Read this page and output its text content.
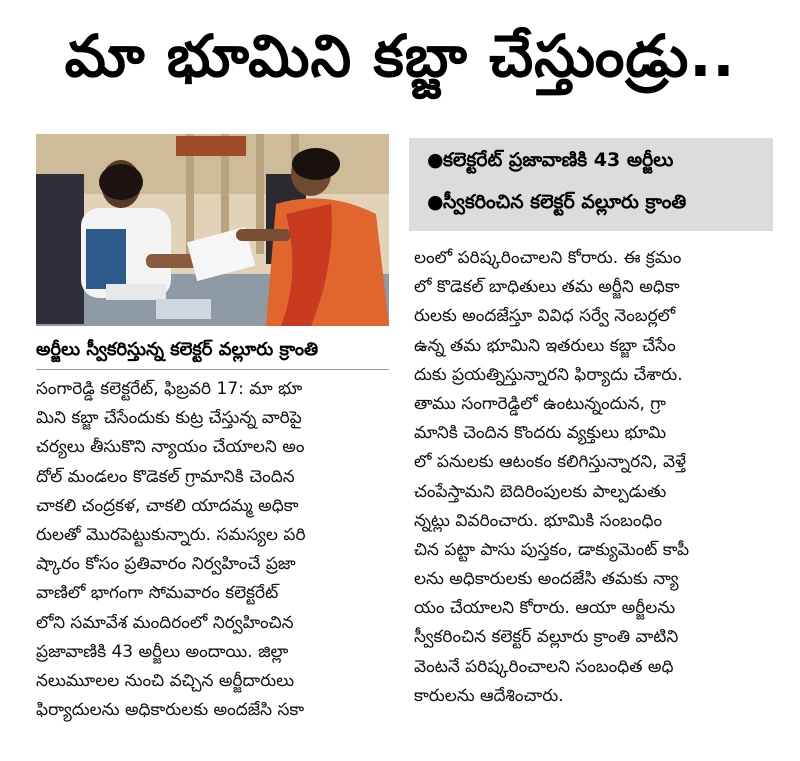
మా భూమిని కబ్జా చేస్తుండ్రు..
అర్జీలు స్వీకరిస్తున్న కలెక్టర్ వల్లూరు క్రాంతి
●కలెక్టరేట్ ప్రజావాణికి 43 అర్జీలు
●స్వీకరించిన కలెక్టర్ వల్లూరు క్రాంతి
సంగారెడ్డి కలెక్టరేట్, ఫిబ్రవరి 17: మా భూ
మిని కబ్జా చేసేందుకు కుట్ర చేస్తున్న వారిపై
చర్యలు తీసుకొని న్యాయం చేయాలని అం
దోల్ మండలం కొడెకల్ గ్రామానికి చెందిన
చాకలి చంద్రకళ, చాకలి యాదమ్మ అధికా
రులతో మొరపెట్టుకున్నారు. సమస్యల పరి
ష్కారం కోసం ప్రతివారం నిర్వహించే ప్రజా
వాణిలో భాగంగా సోమవారం కలెక్టరేట్
లోని సమావేశ మందిరంలో నిర్వహించిన
ప్రజావాణికి 43 అర్జీలు అందాయి. జిల్లా
నలుమూలల నుంచి వచ్చిన అర్జీదారులు
ఫిర్యాదులను అధికారులకు అందజేసి సకా
లంలో పరిష్కరించాలని కోరారు. ఈ క్రమం
లో కొడెకల్ బాధితులు తమ అర్జీని అధికా
రులకు అందజేస్తూ వివిధ సర్వే నెంబర్లలో
ఉన్న తమ భూమిని ఇతరులు కబ్జా చేసేం
దుకు ప్రయత్నిస్తున్నారని ఫిర్యాదు చేశారు.
తాము సంగారెడ్డిలో ఉంటున్నందున, గ్రా
మానికి చెందిన కొందరు వ్యక్తులు భూమి
లో పనులకు ఆటంకం కలిగిస్తున్నారని, వెళ్తే
చంపేస్తామని బెదిరింపులకు పాల్పడుతు
న్నట్లు వివరించారు. భూమికి సంబంధిం
చిన పట్టా పాసు పుస్తకం, డాక్యుమెంట్ కాపీ
లను అధికారులకు అందజేసి తమకు న్యా
యం చేయాలని కోరారు. ఆయా అర్జీలను
స్వీకరించిన కలెక్టర్ వల్లూరు క్రాంతి వాటిని
వెంటనే పరిష్కరించాలని సంబంధిత అధి
కారులను ఆదేశించారు.
